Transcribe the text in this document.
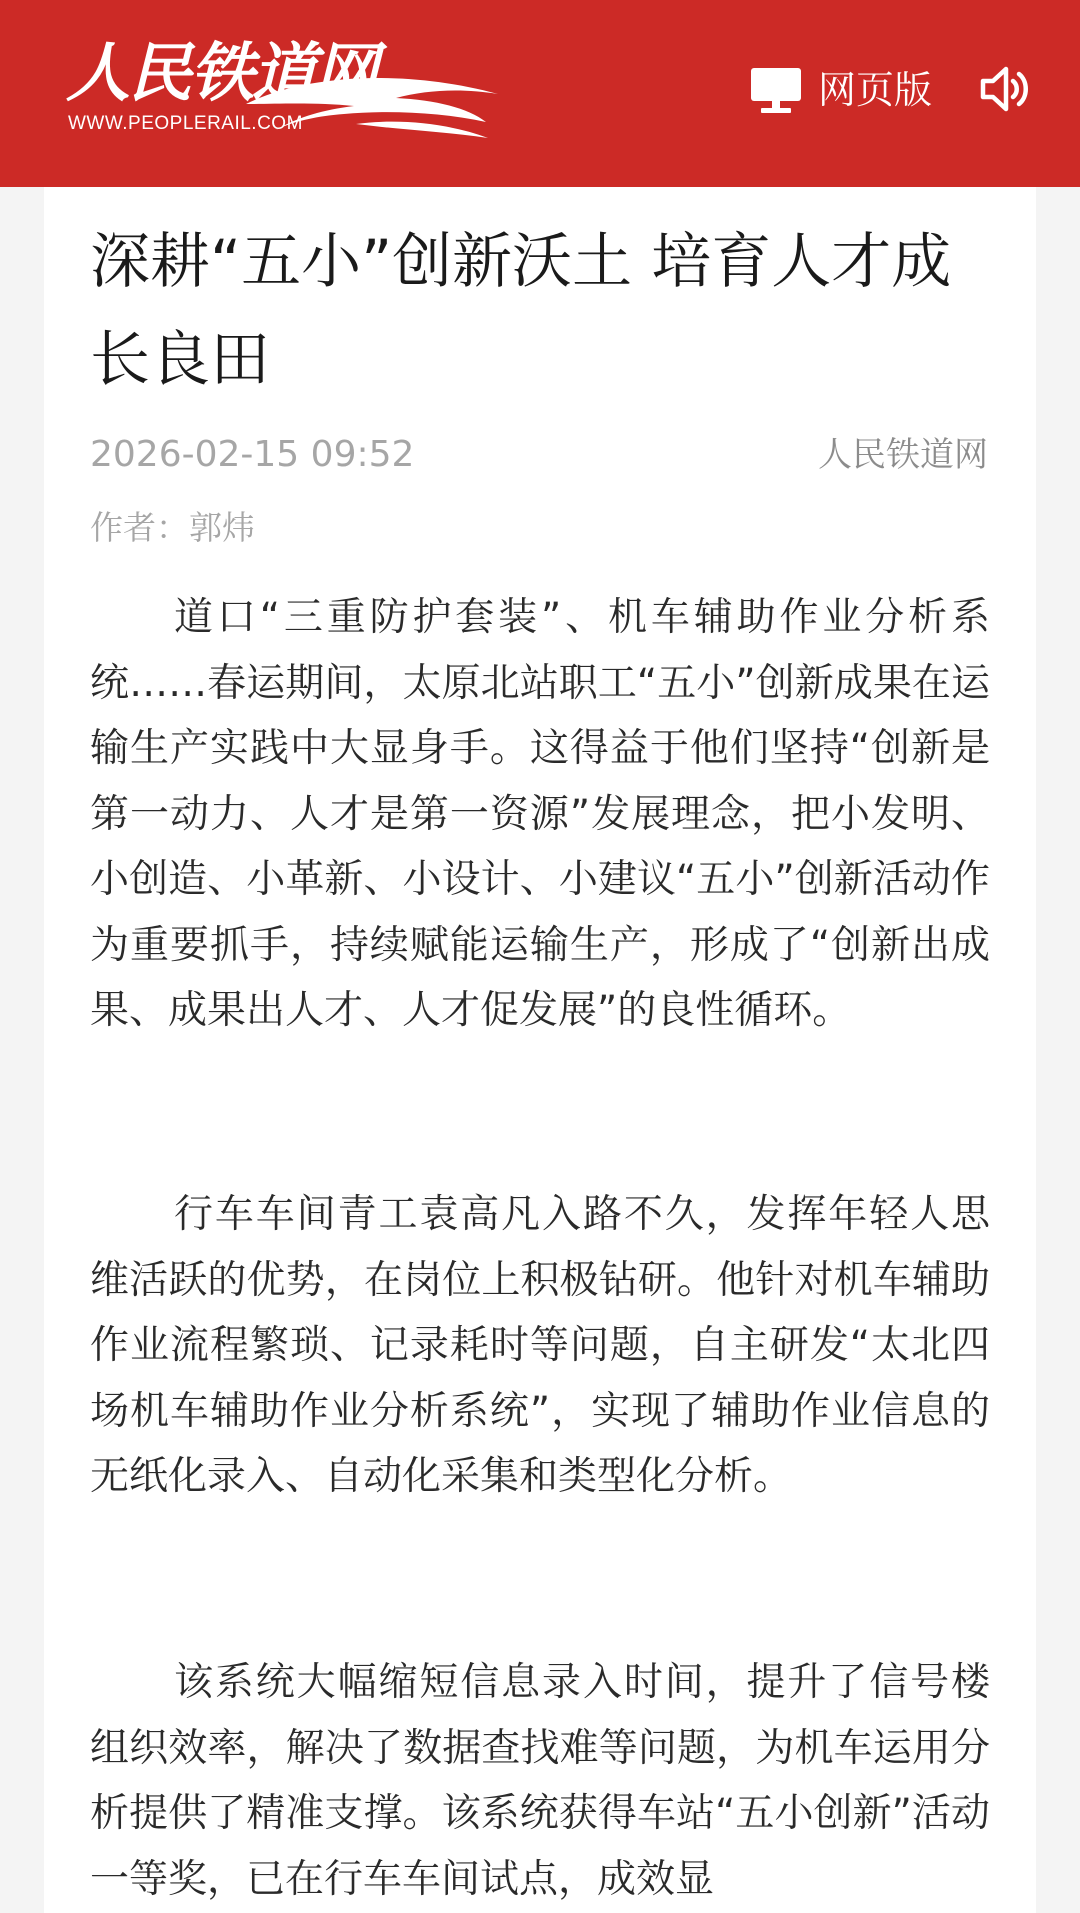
人民铁道网
WWW.PEOPLERAIL.COM
网页版
深耕“五小”创新沃土 培育人才成长良田
2026-02-15 09:52	人民铁道网
作者：郭炜

道口“三重防护套装”、机车辅助作业分析系统……春运期间，太原北站职工“五小”创新成果在运输生产实践中大显身手。这得益于他们坚持“创新是第一动力、人才是第一资源”发展理念，把小发明、小创造、小革新、小设计、小建议“五小”创新活动作为重要抓手，持续赋能运输生产，形成了“创新出成果、成果出人才、人才促发展”的良性循环。

行车车间青工袁高凡入路不久，发挥年轻人思维活跃的优势，在岗位上积极钻研。他针对机车辅助作业流程繁琐、记录耗时等问题，自主研发“太北四场机车辅助作业分析系统”，实现了辅助作业信息的无纸化录入、自动化采集和类型化分析。

该系统大幅缩短信息录入时间，提升了信号楼组织效率，解决了数据查找难等问题，为机车运用分析提供了精准支撑。该系统获得车站“五小创新”活动一等奖，已在行车车间试点，成效显
